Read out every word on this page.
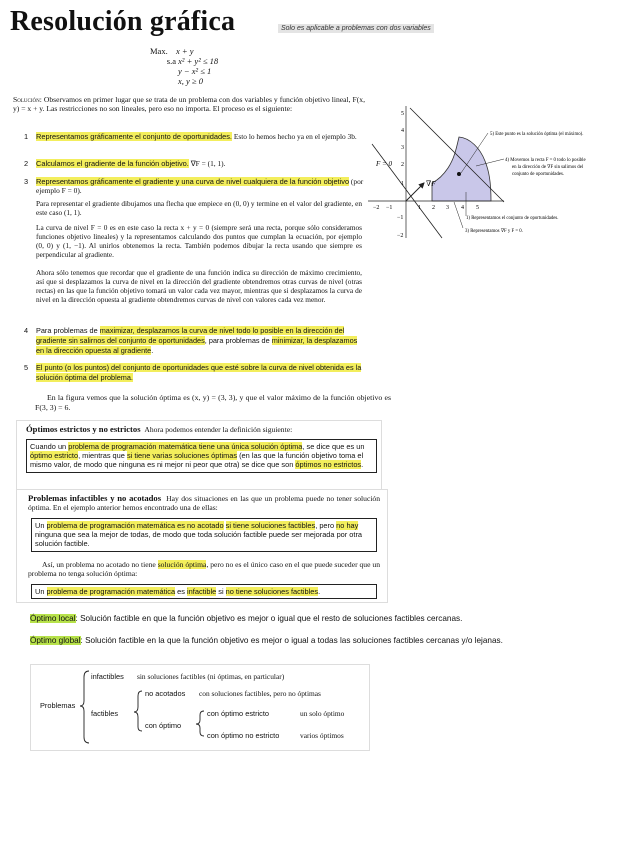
Resolución gráfica	Solo es aplicable a problemas con dos variables
Max. x + y
s.a x² + y² ≤ 18
y − x² ≤ 1
x, y ≥ 0
Solución: Observamos en primer lugar que se trata de un problema con dos variables y función objetivo lineal, F(x, y) = x + y. Las restricciones no son lineales, pero eso no importa. El proceso es el siguiente:
1 Representamos gráficamente el conjunto de oportunidades. Esto lo hemos hecho ya en el ejemplo 3b.
2 Calculamos el gradiente de la función objetivo. ∇F = (1, 1).
3 Representamos gráficamente el gradiente y una curva de nivel cualquiera de la función objetivo (por ejemplo F = 0).
Para representar el gradiente dibujamos una flecha que empiece en (0, 0) y termine en el valor del gradiente, en este caso (1, 1).
La curva de nivel F = 0 es en este caso la recta x + y = 0 (siempre será una recta, porque sólo consideramos funciones objetivo lineales) y la representamos calculando dos puntos que cumplan la ecuación, por ejemplo (0, 0) y (1, −1). Al unirlos obtenemos la recta. También podemos dibujar la recta usando que siempre es perpendicular al gradiente.
Ahora sólo tenemos que recordar que el gradiente de una función indica su dirección de máximo crecimiento, así que si desplazamos la curva de nivel en la dirección del gradiente obtendremos otras curvas de nivel (otras rectas) en las que la función objetivo tomará un valor cada vez mayor, mientras que si desplazamos la curva de nivel en la dirección opuesta al gradiente obtendremos curvas de nivel con valores cada vez menor.
4 Para problemas de maximizar, desplazamos la curva de nivel todo lo posible en la dirección del gradiente sin salirnos del conjunto de oportunidades, para problemas de minimizar, la desplazamos en la dirección opuesta al gradiente.
5 El punto (o los puntos) del conjunto de oportunidades que esté sobre la curva de nivel obtenida es la solución óptima del problema.
En la figura vemos que la solución óptima es (x, y) = (3, 3), y que el valor máximo de la función objetivo es F(3, 3) = 6.
∇F
−2 −1	1 2 3 4 5
5
4
3
2
1
−1
−2
F = 0
5) Este punto es la solución óptima (el máximo).
4) Movemos la recta F = 0 todo lo posible
en la dirección de ∇F sin salirnos del
conjunto de oportunidades.
1) Representamos el conjunto de oportunidades.
3) Representamos ∇F y F = 0.
Óptimos estrictos y no estrictos Ahora podemos entender la definición siguiente:
Cuando un problema de programación matemática tiene una única solución óptima, se dice que es un óptimo estricto, mientras que si tiene varias soluciones óptimas (en las que la función objetivo toma el mismo valor, de modo que ninguna es ni mejor ni peor que otra) se dice que son óptimos no estrictos.
Problemas infactibles y no acotados Hay dos situaciones en las que un problema puede no tener solución óptima. En el ejemplo anterior hemos encontrado una de ellas:
Un problema de programación matemática es no acotado si tiene soluciones factibles, pero no hay ninguna que sea la mejor de todas, de modo que toda solución factible puede ser mejorada por otra solución factible.
Así, un problema no acotado no tiene solución óptima, pero no es el único caso en el que puede suceder que un problema no tenga solución óptima:
Un problema de programación matemática es infactible si no tiene soluciones factibles.
Óptimo local: Solución factible en que la función objetivo es mejor o igual que el resto de soluciones factibles cercanas.
Óptimo global: Solución factible en la que la función objetivo es mejor o igual a todas las soluciones factibles cercanas y/o lejanas.
Problemas
infactibles sin soluciones factibles (ni óptimas, en particular)
factibles
no acotados con soluciones factibles, pero no óptimas
con óptimo
con óptimo estricto	un solo óptimo
con óptimo no estricto	varios óptimos
